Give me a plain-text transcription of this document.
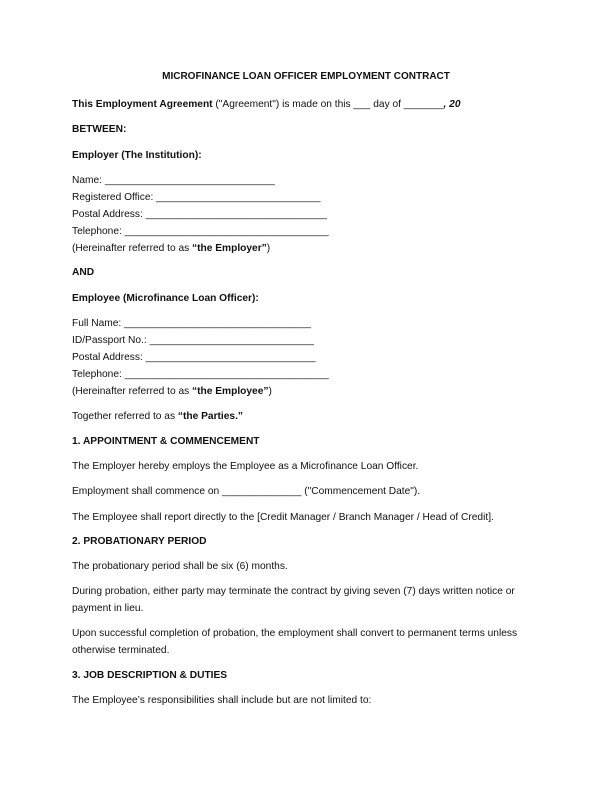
MICROFINANCE LOAN OFFICER EMPLOYMENT CONTRACT
This Employment Agreement ("Agreement") is made on this ___ day of _______, 20
BETWEEN:
Employer (The Institution):
Name: ______________________________
Registered Office: _____________________________
Postal Address: ________________________________
Telephone: ____________________________________
(Hereinafter referred to as “the Employer”)
AND
Employee (Microfinance Loan Officer):
Full Name: _________________________________
ID/Passport No.: _____________________________
Postal Address: ______________________________
Telephone: ____________________________________
(Hereinafter referred to as “the Employee”)
Together referred to as “the Parties.”
1. APPOINTMENT & COMMENCEMENT
The Employer hereby employs the Employee as a Microfinance Loan Officer.
Employment shall commence on ______________ ("Commencement Date").
The Employee shall report directly to the [Credit Manager / Branch Manager / Head of Credit].
2. PROBATIONARY PERIOD
The probationary period shall be six (6) months.
During probation, either party may terminate the contract by giving seven (7) days written notice or payment in lieu.
Upon successful completion of probation, the employment shall convert to permanent terms unless otherwise terminated.
3. JOB DESCRIPTION & DUTIES
The Employee’s responsibilities shall include but are not limited to:
